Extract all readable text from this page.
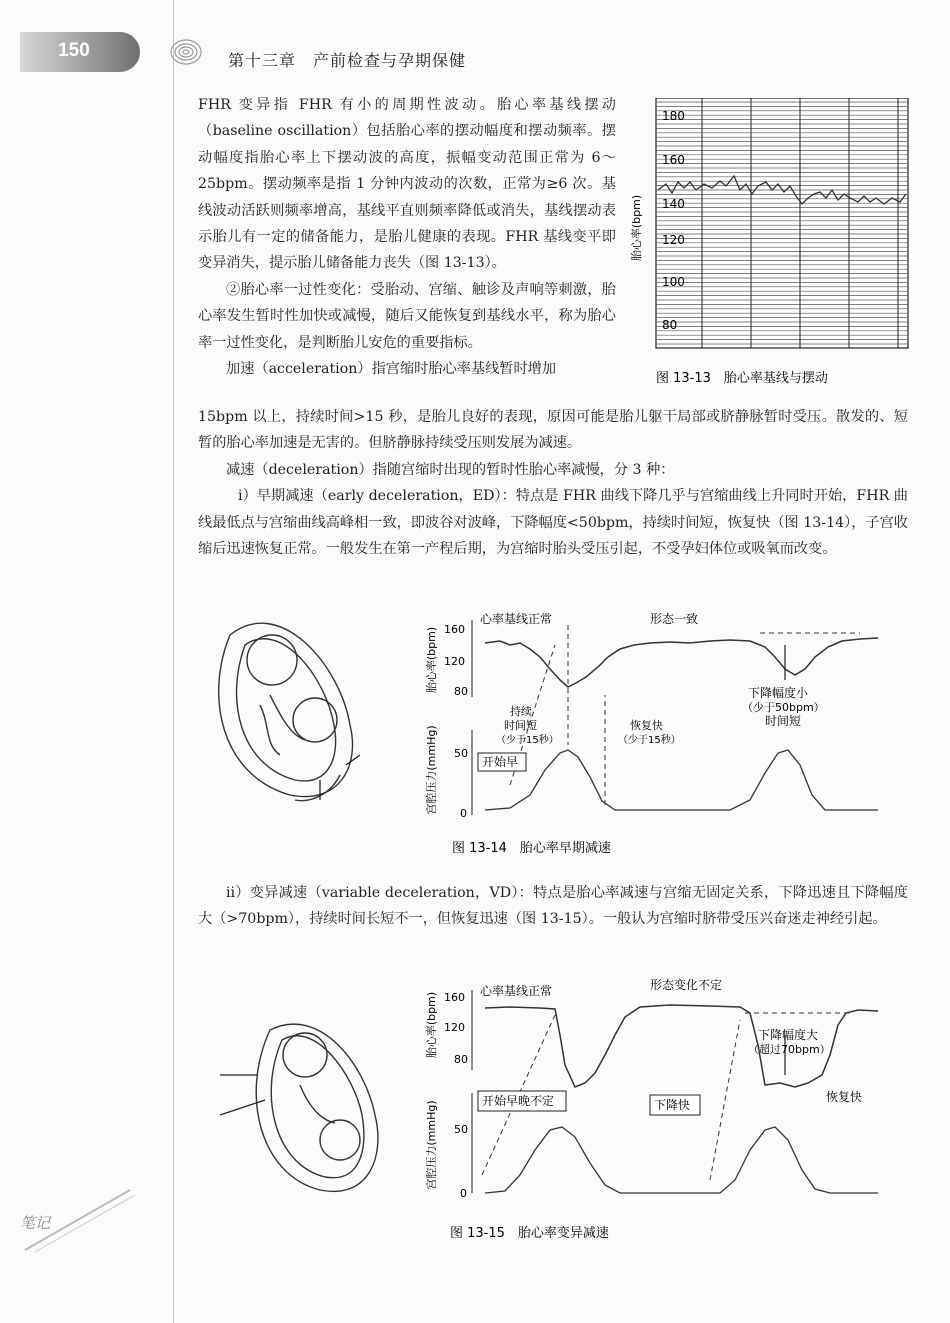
150	第十三章　产前检查与孕期保健

FHR 变异指 FHR 有小的周期性波动。胎心率基线摆动（baseline oscillation）包括胎心率的摆动幅度和摆动频率。摆动幅度指胎心率上下摆动波的高度，振幅变动范围正常为 6～25bpm。摆动频率是指 1 分钟内波动的次数，正常为≥6 次。基线波动活跃则频率增高，基线平直则频率降低或消失，基线摆动表示胎儿有一定的储备能力，是胎儿健康的表现。FHR 基线变平即变异消失，提示胎儿储备能力丧失（图 13-13）。

②胎心率一过性变化：受胎动、宫缩、触诊及声响等刺激，胎心率发生暂时性加快或减慢，随后又能恢复到基线水平，称为胎心率一过性变化，是判断胎儿安危的重要指标。

加速（acceleration）指宫缩时胎心率基线暂时增加

胎心率(bpm)
180
160
140
120
100
80
图 13-13　胎心率基线与摆动

15bpm 以上，持续时间>15 秒，是胎儿良好的表现，原因可能是胎儿躯干局部或脐静脉暂时受压。散发的、短暂的胎心率加速是无害的。但脐静脉持续受压则发展为减速。

减速（deceleration）指随宫缩时出现的暂时性胎心率减慢，分 3 种：

ⅰ）早期减速（early deceleration，ED）：特点是 FHR 曲线下降几乎与宫缩曲线上升同时开始，FHR 曲线最低点与宫缩曲线高峰相一致，即波谷对波峰，下降幅度<50bpm，持续时间短，恢复快（图 13-14），子宫收缩后迅速恢复正常。一般发生在第一产程后期，为宫缩时胎头受压引起，不受孕妇体位或吸氧而改变。

胎心率(bpm)
宫腔压力(mmHg)
160
120
80
50
0
心率基线正常	形态一致
下降幅度小
（少于50bpm）
时间短
持续
时间短
（少于15秒）
恢复快
（少于15秒）
开始早
图 13-14　胎心率早期减速

ⅱ）变异减速（variable deceleration，VD）：特点是胎心率减速与宫缩无固定关系，下降迅速且下降幅度大（>70bpm），持续时间长短不一，但恢复迅速（图 13-15）。一般认为宫缩时脐带受压兴奋迷走神经引起。

胎心率(bpm)
宫腔压力(mmHg)
160
120
80
50
0
心率基线正常	形态变化不定
下降幅度大
（超过70bpm）
恢复快
开始早晚不定	下降快
图 13-15　胎心率变异减速
笔记
